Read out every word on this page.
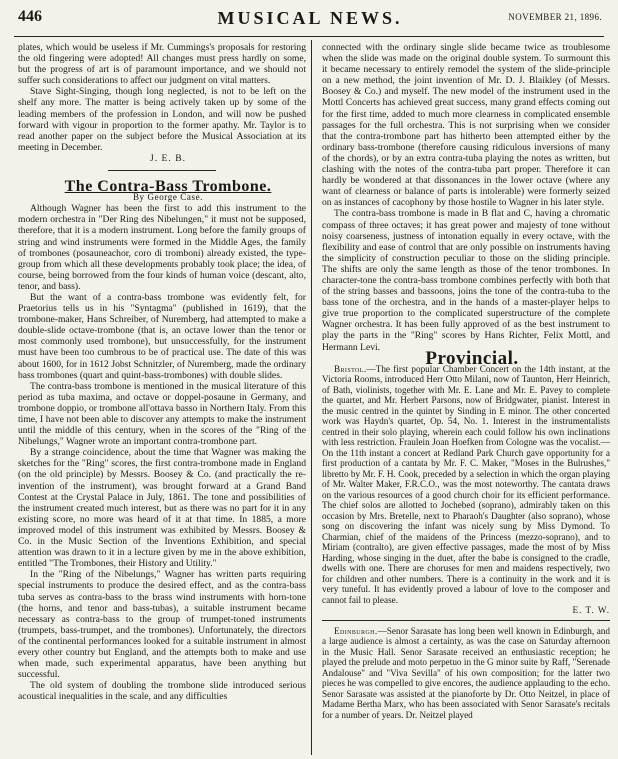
446	MUSICAL NEWS.	NOVEMBER 21, 1896.

plates, which would be useless if Mr. Cummings's proposals for restoring the old fingering were adopted! All changes must press hardly on some, but the progress of art is of paramount importance, and we should not suffer such considerations to affect our judgment on vital matters.

Stave Sight-Singing, though long neglected, is not to be left on the shelf any more. The matter is being actively taken up by some of the leading members of the profession in London, and will now be pushed forward with vigour in proportion to the former apathy. Mr. Taylor is to read another paper on the subject before the Musical Association at its meeting in December.

J. E. B.

The Contra-Bass Trombone.

By George Case.

Although Wagner has been the first to add this instrument to the modern orchestra in "Der Ring des Nibelungen," it must not be supposed, therefore, that it is a modern instrument. Long before the family groups of string and wind instruments were formed in the Middle Ages, the family of trombones (posauneachor, coro di tromboni) already existed, the type-group from which all these developments probably took place; the idea, of course, being borrowed from the four kinds of human voice (descant, alto, tenor, and bass).

But the want of a contra-bass trombone was evidently felt, for Praetorius tells us in his "Syntagma" (published in 1619), that the trombone-maker, Hans Schreiber, of Nuremberg, had attempted to make a double-slide octave-trombone (that is, an octave lower than the tenor or most commonly used trombone), but unsuccessfully, for the instrument must have been too cumbrous to be of practical use. The date of this was about 1600, for in 1612 Jobst Schnitzler, of Nuremberg, made the ordinary bass trombones (quart and quint-bass-trombones) with double slides.

The contra-bass trombone is mentioned in the musical literature of this period as tuba maxima, and octave or doppel-posaune in Germany, and trombone doppio, or trombone all'ottava basso in Northern Italy. From this time, I have not been able to discover any attempts to make the instrument until the middle of this century, when in the scores of the "Ring of the Nibelungs," Wagner wrote an important contra-trombone part.

By a strange coincidence, about the time that Wagner was making the sketches for the "Ring" scores, the first contra-trombone made in England (on the old principle) by Messrs. Boosey & Co. (and practically the re-invention of the instrument), was brought forward at a Grand Band Contest at the Crystal Palace in July, 1861. The tone and possibilities of the instrument created much interest, but as there was no part for it in any existing score, no more was heard of it at that time. In 1885, a more improved model of this instrument was exhibited by Messrs. Boosey & Co. in the Music Section of the Inventions Exhibition, and special attention was drawn to it in a lecture given by me in the above exhibition, entitled "The Trombones, their History and Utility."

In the "Ring of the Nibelungs," Wagner has written parts requiring special instruments to produce the desired effect, and as the contra-bass tuba serves as contra-bass to the brass wind instruments with horn-tone (the horns, and tenor and bass-tubas), a suitable instrument became necessary as contra-bass to the group of trumpet-toned instruments (trumpets, bass-trumpet, and the trombones). Unfortunately, the directors of the continental performances looked for a suitable instrument in almost every other country but England, and the attempts both to make and use when made, such experimental apparatus, have been anything but successful.

The old system of doubling the trombone slide introduced serious acoustical inequalities in the scale, and any difficulties

connected with the ordinary single slide became twice as troublesome when the slide was made on the original double system. To surmount this it became necessary to entirely remodel the system of the slide-principle on a new method, the joint invention of Mr. D. J. Blaikley (of Messrs. Boosey & Co.) and myself. The new model of the instrument used in the Mottl Concerts has achieved great success, many grand effects coming out for the first time, added to much more clearness in complicated ensemble passages for the full orchestra. This is not surprising when we consider that the contra-trombone part has hitherto been attempted either by the ordinary bass-trombone (therefore causing ridiculous inversions of many of the chords), or by an extra contra-tuba playing the notes as written, but clashing with the notes of the contra-tuba part proper. Therefore it can hardly be wondered at that dissonances in the lower octave (where any want of clearness or balance of parts is intolerable) were formerly seized on as instances of cacophony by those hostile to Wagner in his later style.

The contra-bass trombone is made in B flat and C, having a chromatic compass of three octaves; it has great power and majesty of tone without noisy coarseness, justness of intonation equally in every octave, with the flexibility and ease of control that are only possible on instruments having the simplicity of construction peculiar to those on the sliding principle. The shifts are only the same length as those of the tenor trombones. In character-tone the contra-bass trombone combines perfectly with both that of the string basses and bassoons, joins the tone of the contra-tuba to the bass tone of the orchestra, and in the hands of a master-player helps to give true proportion to the complicated superstructure of the complete Wagner orchestra. It has been fully approved of as the best instrument to play the parts in the "Ring" scores by Hans Richter, Felix Mottl, and Hermann Levi.

Provincial.

Bristol.—The first popular Chamber Concert on the 14th instant, at the Victoria Rooms, introduced Herr Otto Milani, now of Taunton, Herr Heinrich, of Bath, violinists, together with Mr. E. Lane and Mr. E. Pavey to complete the quartet, and Mr. Herbert Parsons, now of Bridgwater, pianist. Interest in the music centred in the quintet by Sinding in E minor. The other concerted work was Haydn's quartet, Op. 54, No. 1. Interest in the instrumentalists centred in their solo playing, wherein each could follow his own inclinations with less restriction. Fraulein Joan Hoefken from Cologne was the vocalist.—On the 11th instant a concert at Redland Park Church gave opportunity for a first production of a cantata by Mr. F. C. Maker, "Moses in the Bulrushes," libretto by Mr. F. H. Cook, preceded by a selection in which the organ playing of Mr. Walter Maker, F.R.C.O., was the most noteworthy. The cantata draws on the various resources of a good church choir for its efficient performance. The chief solos are allotted to Jochebed (soprano), admirably taken on this occasion by Mrs. Bretelle, next to Pharaoh's Daughter (also soprano), whose song on discovering the infant was nicely sung by Miss Dymond. To Charmian, chief of the maidens of the Princess (mezzo-soprano), and to Miriam (contralto), are given effective passages, made the most of by Miss Harding, whose singing in the duet, after the babe is consigned to the cradle, dwells with one. There are choruses for men and maidens respectively, two for children and other numbers. There is a continuity in the work and it is very tuneful. It has evidently proved a labour of love to the composer and cannot fail to please.

E. T. W.

Edinburgh.—Senor Sarasate has long been well known in Edinburgh, and a large audience is almost a certainty, as was the case on Saturday afternoon in the Music Hall. Senor Sarasate received an enthusiastic reception; he played the prelude and moto perpetuo in the G minor suite by Raff, "Serenade Andalouse" and "Viva Sevilla" of his own composition; for the latter two pieces he was compelled to give encores, the audience applauding to the echo. Senor Sarasate was assisted at the pianoforte by Dr. Otto Neitzel, in place of Madame Bertha Marx, who has been associated with Senor Sarasate's recitals for a number of years. Dr. Neitzel played
